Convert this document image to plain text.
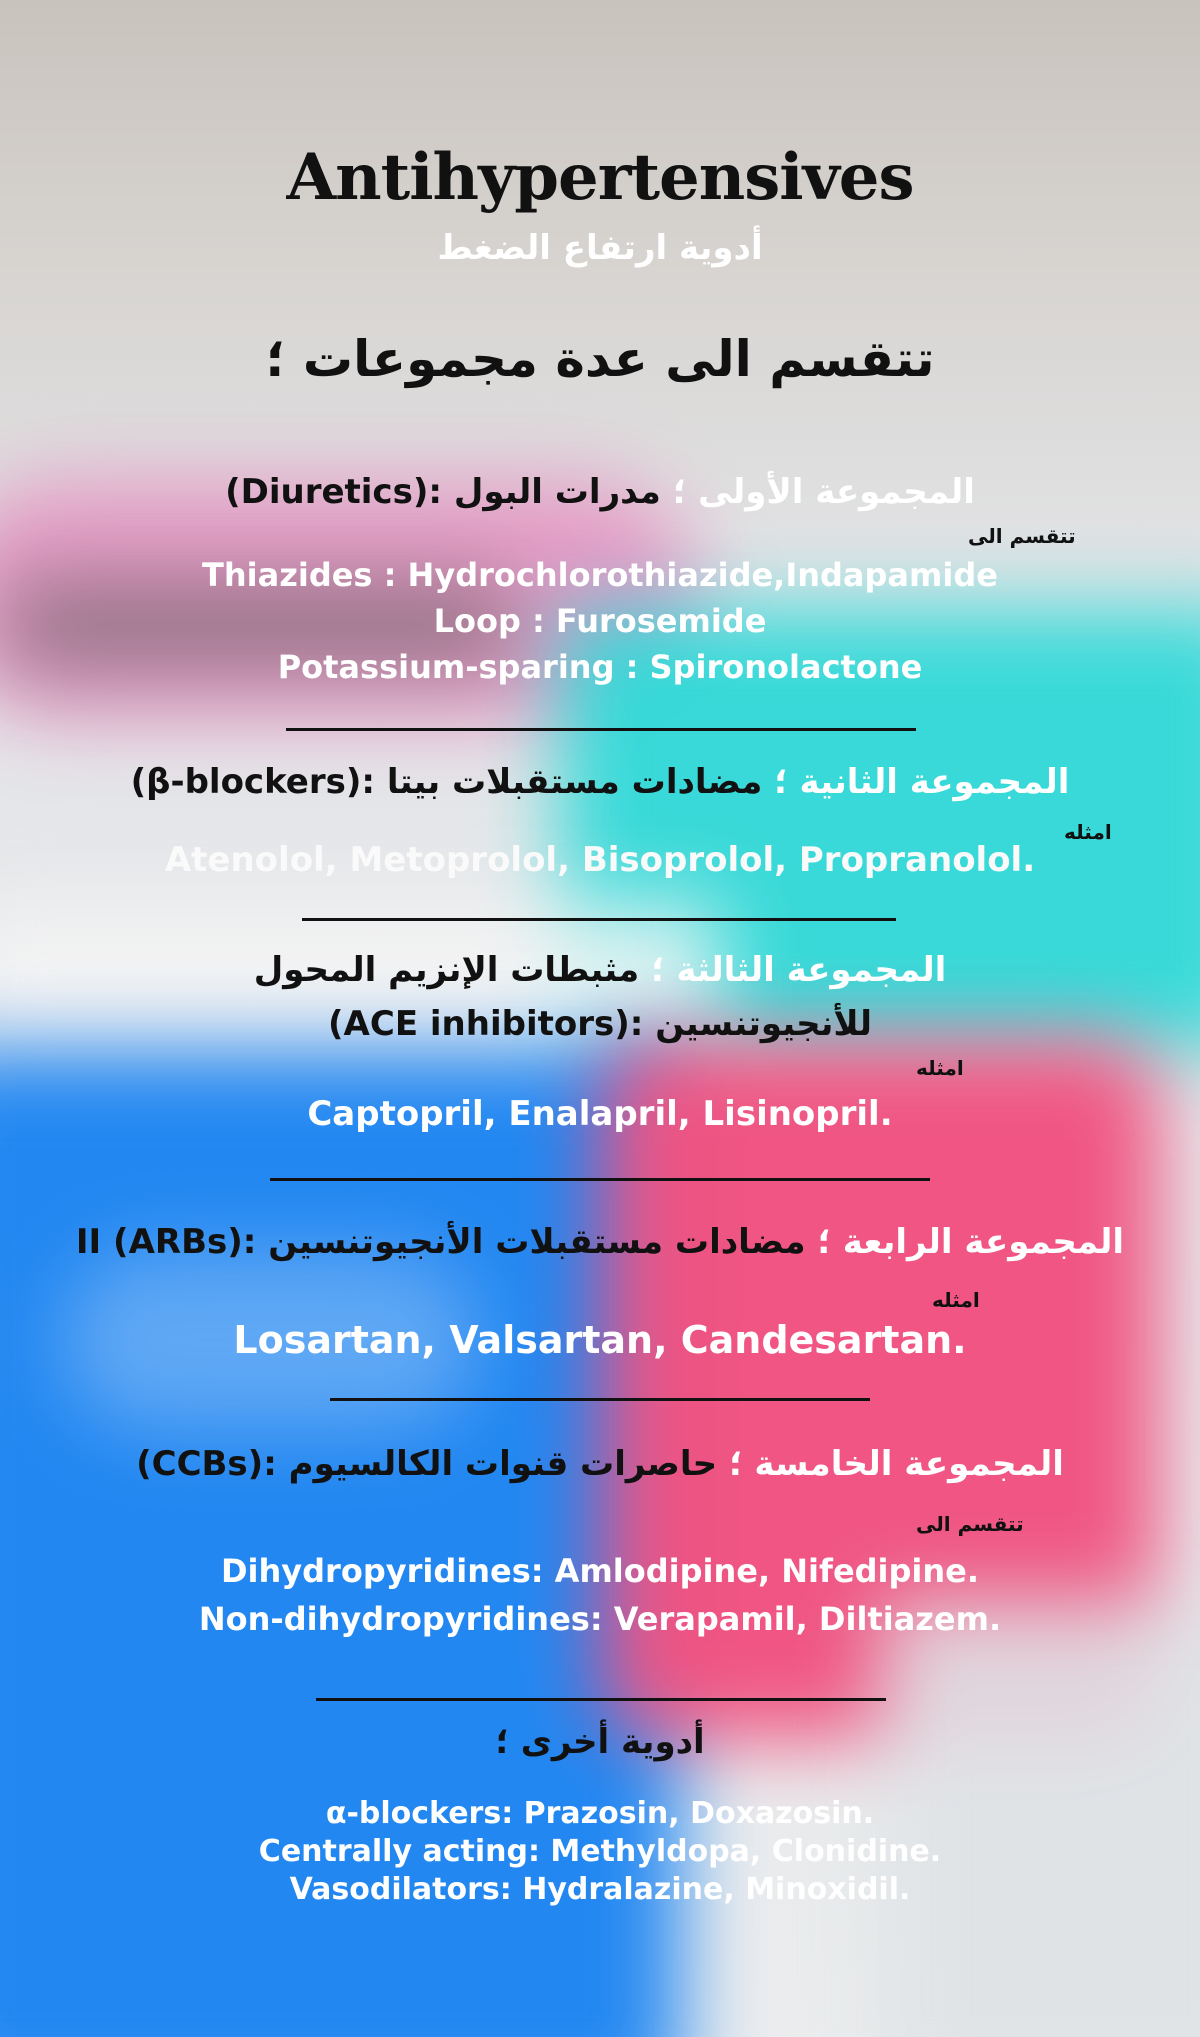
Antihypertensives
أدوية ارتفاع الضغط
تتقسم الى عدة مجموعات ؛
المجموعة الأولى ؛ مدرات البول (Diuretics):
تتقسم الى
Thiazides : Hydrochlorothiazide,Indapamide
Loop : Furosemide
Potassium-sparing : Spironolactone
المجموعة الثانية ؛ مضادات مستقبلات بيتا (β-blockers):
امثله
Atenolol, Metoprolol, Bisoprolol, Propranolol.
المجموعة الثالثة ؛ مثبطات الإنزيم المحول
للأنجيوتنسين (ACE inhibitors):
امثله
Captopril, Enalapril, Lisinopril.
المجموعة الرابعة ؛ مضادات مستقبلات الأنجيوتنسين II (ARBs):
امثله
Losartan, Valsartan, Candesartan.
المجموعة الخامسة ؛ حاصرات قنوات الكالسيوم (CCBs):
تتقسم الى
Dihydropyridines: Amlodipine, Nifedipine.
Non-dihydropyridines: Verapamil, Diltiazem.
أدوية أخرى ؛
α-blockers: Prazosin, Doxazosin.
Centrally acting: Methyldopa, Clonidine.
Vasodilators: Hydralazine, Minoxidil.
